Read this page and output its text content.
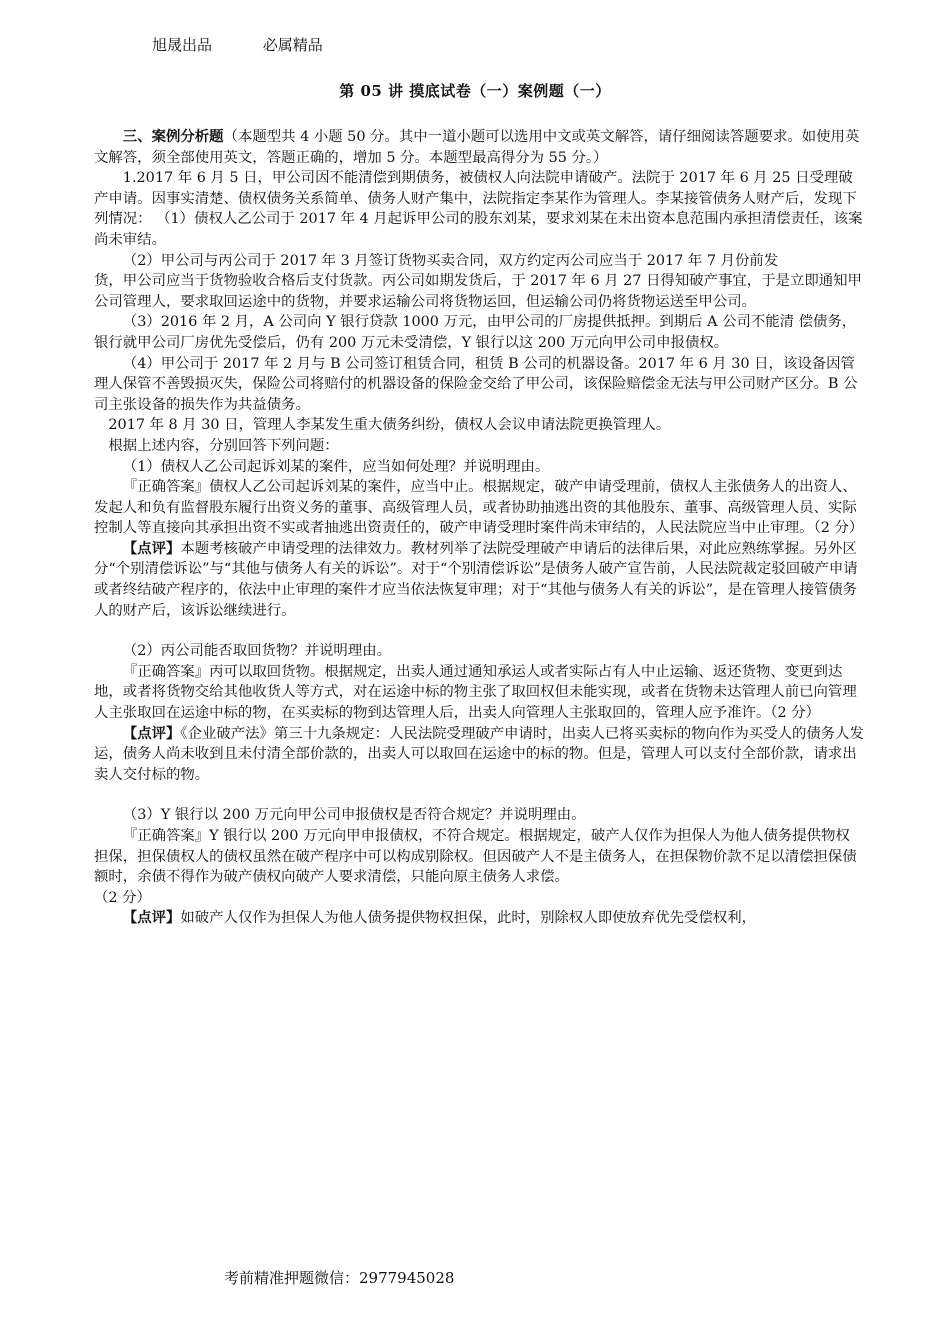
旭晟出品	必属精品
第 05 讲 摸底试卷（一）案例题（一）

三、案例分析题（本题型共 4 小题 50 分。其中一道小题可以选用中文或英文解答，请仔细阅读答题要求。如使用英文解答，须全部使用英文，答题正确的，增加 5 分。本题型最高得分为 55 分。）

1.2017 年 6 月 5 日，甲公司因不能清偿到期债务，被债权人向法院申请破产。法院于 2017 年 6 月 25 日受理破产申请。因事实清楚、债权债务关系简单、债务人财产集中，法院指定李某作为管理人。李某接管债务人财产后，发现下列情况： （1）债权人乙公司于 2017 年 4 月起诉甲公司的股东刘某，要求刘某在未出资本息范围内承担清偿责任，该案尚未审结。

（2）甲公司与丙公司于 2017 年 3 月签订货物买卖合同，双方约定丙公司应当于 2017 年 7 月份前发

货，甲公司应当于货物验收合格后支付货款。丙公司如期发货后，于 2017 年 6 月 27 日得知破产事宜，于是立即通知甲公司管理人，要求取回运途中的货物，并要求运输公司将货物运回，但运输公司仍将货物运送至甲公司。

（3）2016 年 2 月，A 公司向 Y 银行贷款 1000 万元，由甲公司的厂房提供抵押。到期后 A 公司不能清 偿债务，银行就甲公司厂房优先受偿后，仍有 200 万元未受清偿，Y 银行以这 200 万元向甲公司申报债权。

（4）甲公司于 2017 年 2 月与 B 公司签订租赁合同，租赁 B 公司的机器设备。2017 年 6 月 30 日，该设备因管理人保管不善毁损灭失，保险公司将赔付的机器设备的保险金交给了甲公司，该保险赔偿金无法与甲公司财产区分。B 公司主张设备的损失作为共益债务。

2017 年 8 月 30 日，管理人李某发生重大债务纠纷，债权人会议申请法院更换管理人。

根据上述内容，分别回答下列问题：

（1）债权人乙公司起诉刘某的案件，应当如何处理？并说明理由。

『正确答案』债权人乙公司起诉刘某的案件，应当中止。根据规定，破产申请受理前，债权人主张债务人的出资人、发起人和负有监督股东履行出资义务的董事、高级管理人员，或者协助抽逃出资的其他股东、董事、高级管理人员、实际控制人等直接向其承担出资不实或者抽逃出资责任的，破产申请受理时案件尚未审结的，人民法院应当中止审理。（2 分）

【点评】本题考核破产申请受理的法律效力。教材列举了法院受理破产申请后的法律后果，对此应熟练掌握。另外区分“个别清偿诉讼”与“其他与债务人有关的诉讼”。对于“个别清偿诉讼”是债务人破产宣告前，人民法院裁定驳回破产申请或者终结破产程序的，依法中止审理的案件才应当依法恢复审理；对于“其他与债务人有关的诉讼”，是在管理人接管债务人的财产后，该诉讼继续进行。

（2）丙公司能否取回货物？并说明理由。

『正确答案』丙可以取回货物。根据规定，出卖人通过通知承运人或者实际占有人中止运输、返还货物、变更到达地，或者将货物交给其他收货人等方式，对在运途中标的物主张了取回权但未能实现，或者在货物未达管理人前已向管理人主张取回在运途中标的物，在买卖标的物到达管理人后，出卖人向管理人主张取回的，管理人应予准许。（2 分）

【点评】《企业破产法》第三十九条规定：人民法院受理破产申请时，出卖人已将买卖标的物向作为买受人的债务人发运，债务人尚未收到且未付清全部价款的，出卖人可以取回在运途中的标的物。但是，管理人可以支付全部价款，请求出卖人交付标的物。

（3）Y 银行以 200 万元向甲公司申报债权是否符合规定？并说明理由。

『正确答案』Y 银行以 200 万元向甲申报债权，不符合规定。根据规定，破产人仅作为担保人为他人债务提供物权担保，担保债权人的债权虽然在破产程序中可以构成别除权。但因破产人不是主债务人，在担保物价款不足以清偿担保债额时，余债不得作为破产债权向破产人要求清偿，只能向原主债务人求偿。

（2 分）

【点评】如破产人仅作为担保人为他人债务提供物权担保，此时，别除权人即使放弃优先受偿权利，

考前精准押题微信：2977945028
